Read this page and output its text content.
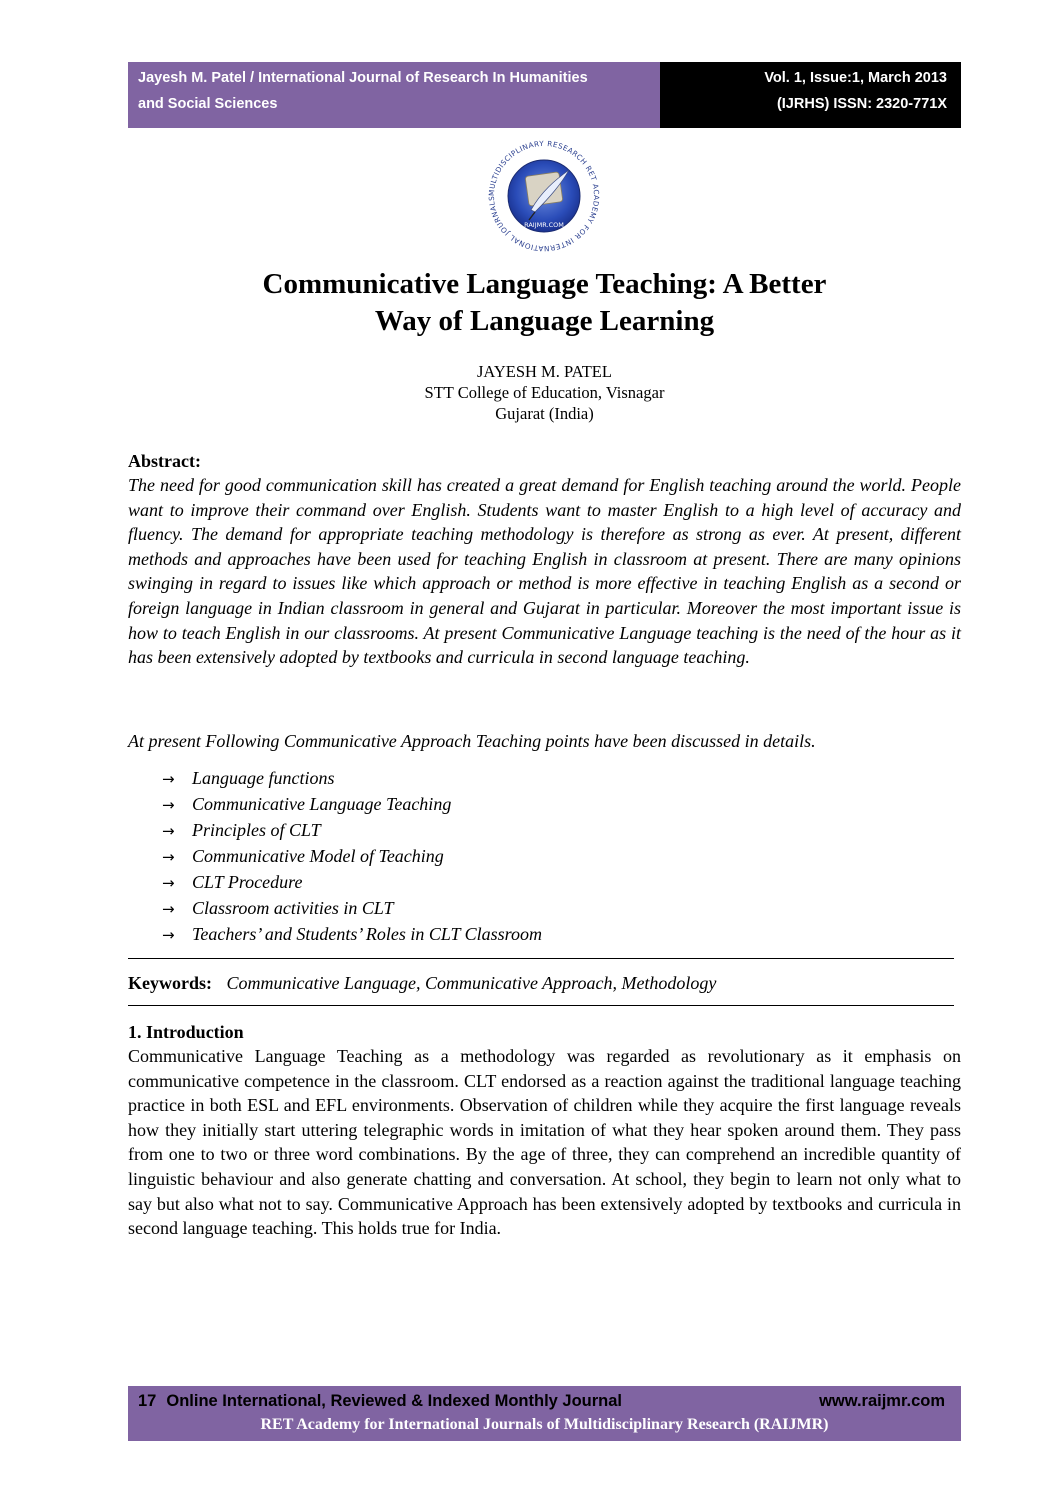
Jayesh M. Patel / International Journal of Research In Humanities
and Social Sciences
Vol. 1, Issue:1, March 2013
(IJRHS) ISSN: 2320-771X
MULTIDISCIPLINARY RESEARCH RET ACADEMY FOR INTERNATIONAL JOURNALS
RAIJMR.COM
Communicative Language Teaching: A Better
Way of Language Learning
JAYESH M. PATEL
STT College of Education, Visnagar
Gujarat (India)
Abstract:
The need for good communication skill has created a great demand for English teaching around the world. People want to improve their command over English. Students want to master English to a high level of accuracy and fluency. The demand for appropriate teaching methodology is therefore as strong as ever. At present, different methods and approaches have been used for teaching English in classroom at present. There are many opinions swinging in regard to issues like which approach or method is more effective in teaching English as a second or foreign language in Indian classroom in general and Gujarat in particular. Moreover the most important issue is how to teach English in our classrooms. At present Communicative Language teaching is the need of the hour as it has been extensively adopted by textbooks and curricula in second language teaching.
At present Following Communicative Approach Teaching points have been discussed in details.
→ Language functions
→ Communicative Language Teaching
→ Principles of CLT
→ Communicative Model of Teaching
→ CLT Procedure
→ Classroom activities in CLT
→ Teachers’ and Students’ Roles in CLT Classroom
Keywords: Communicative Language, Communicative Approach, Methodology
1. Introduction
Communicative Language Teaching as a methodology was regarded as revolutionary as it emphasis on communicative competence in the classroom. CLT endorsed as a reaction against the traditional language teaching practice in both ESL and EFL environments. Observation of children while they acquire the first language reveals how they initially start uttering telegraphic words in imitation of what they hear spoken around them. They pass from one to two or three word combinations. By the age of three, they can comprehend an incredible quantity of linguistic behaviour and also generate chatting and conversation. At school, they begin to learn not only what to say but also what not to say. Communicative Approach has been extensively adopted by textbooks and curricula in second language teaching. This holds true for India.
17 Online International, Reviewed & Indexed Monthly Journal	www.raijmr.com
RET Academy for International Journals of Multidisciplinary Research (RAIJMR)
